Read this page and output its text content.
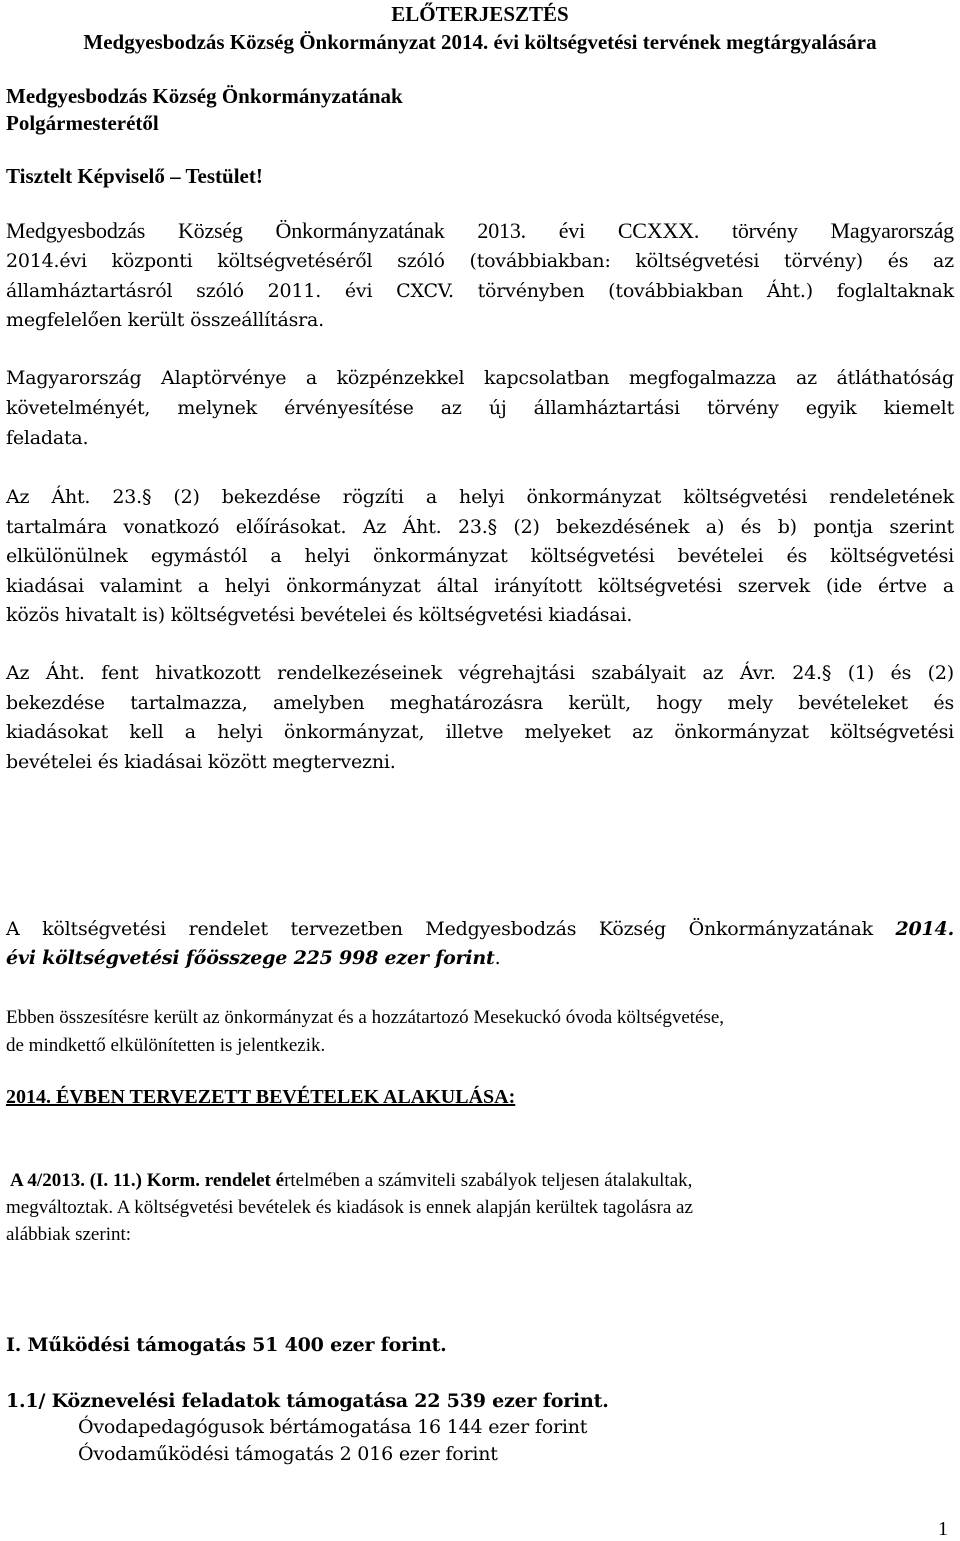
ELŐTERJESZTÉS
Medgyesbodzás Község Önkormányzat 2014. évi költségvetési tervének megtárgyalására
Medgyesbodzás Község Önkormányzatának
Polgármesterétől
Tisztelt Képviselő – Testület!
Medgyesbodzás Község Önkormányzatának 2013. évi CCXXX. törvény Magyarország
2014.évi központi költségvetéséről szóló (továbbiakban: költségvetési törvény) és az
államháztartásról szóló 2011. évi CXCV. törvényben (továbbiakban Áht.) foglaltaknak
megfelelően került összeállításra.
Magyarország Alaptörvénye a közpénzekkel kapcsolatban megfogalmazza az átláthatóság
követelményét, melynek érvényesítése az új államháztartási törvény egyik kiemelt
feladata.
Az Áht. 23.§ (2) bekezdése rögzíti a helyi önkormányzat költségvetési rendeletének
tartalmára vonatkozó előírásokat. Az Áht. 23.§ (2) bekezdésének a) és b) pontja szerint
elkülönülnek egymástól a helyi önkormányzat költségvetési bevételei és költségvetési
kiadásai valamint a helyi önkormányzat által irányított költségvetési szervek (ide értve a
közös hivatalt is) költségvetési bevételei és költségvetési kiadásai.
Az Áht. fent hivatkozott rendelkezéseinek végrehajtási szabályait az Ávr. 24.§ (1) és (2)
bekezdése tartalmazza, amelyben meghatározásra került, hogy mely bevételeket és
kiadásokat kell a helyi önkormányzat, illetve melyeket az önkormányzat költségvetési
bevételei és kiadásai között megtervezni.
A költségvetési rendelet tervezetben Medgyesbodzás Község Önkormányzatának 2014.
évi költségvetési főösszege 225 998 ezer forint.
Ebben összesítésre került az önkormányzat és a hozzátartozó Mesekuckó óvoda költségvetése,
de mindkettő elkülönítetten is jelentkezik.
2014. ÉVBEN TERVEZETT BEVÉTELEK ALAKULÁSA:
A 4/2013. (I. 11.) Korm. rendelet értelmében a számviteli szabályok teljesen átalakultak,
megváltoztak. A költségvetési bevételek és kiadások is ennek alapján kerültek tagolásra az
alábbiak szerint:
I. Működési támogatás 51 400 ezer forint.
1.1/ Köznevelési feladatok támogatása 22 539 ezer forint.
Óvodapedagógusok bértámogatása 16 144 ezer forint
Óvodaműködési támogatás 2 016 ezer forint
1
